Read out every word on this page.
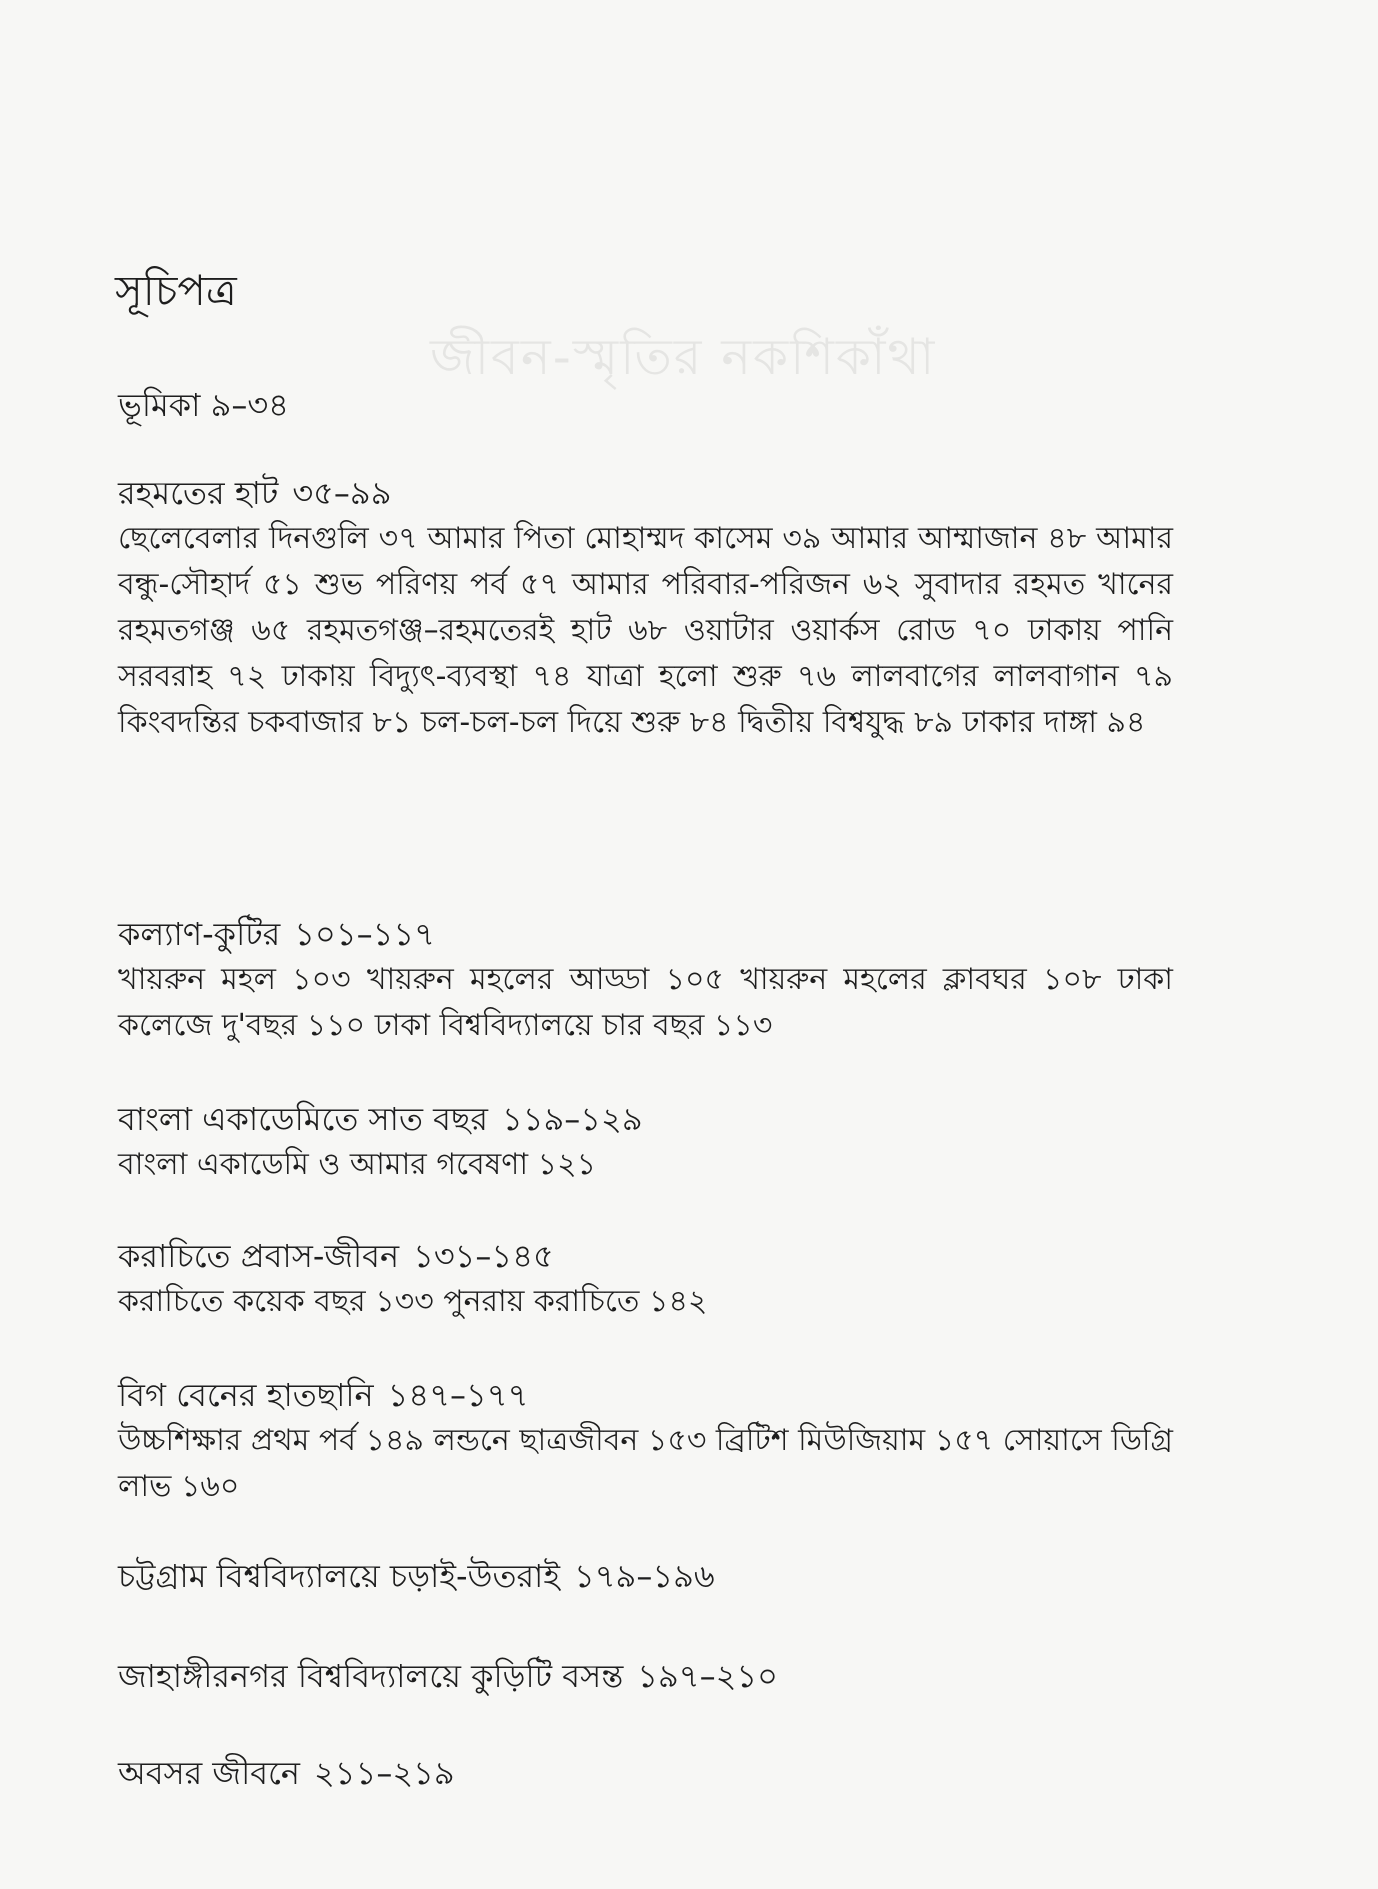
জীবন-স্মৃতির নকশিকাঁথা
সূচিপত্র
ভূমিকা ৯–৩৪
রহমতের হাট ৩৫–৯৯
ছেলেবেলার দিনগুলি ৩৭ আমার পিতা মোহাম্মদ কাসেম ৩৯ আমার আম্মাজান ৪৮ আমার বন্ধু-সৌহার্দ ৫১ শুভ পরিণয় পর্ব ৫৭ আমার পরিবার-পরিজন ৬২ সুবাদার রহমত খানের রহমতগঞ্জ ৬৫ রহমতগঞ্জ–রহমতেরই হাট ৬৮ ওয়াটার ওয়ার্কস রোড ৭০ ঢাকায় পানি সরবরাহ ৭২ ঢাকায় বিদ্যুৎ-ব্যবস্থা ৭৪ যাত্রা হলো শুরু ৭৬ লালবাগের লালবাগান ৭৯ কিংবদন্তির চকবাজার ৮১ চল-চল-চল দিয়ে শুরু ৮৪ দ্বিতীয় বিশ্বযুদ্ধ ৮৯ ঢাকার দাঙ্গা ৯৪
কল্যাণ-কুটির ১০১–১১৭
খায়রুন মহল ১০৩ খায়রুন মহলের আড্ডা ১০৫ খায়রুন মহলের ক্লাবঘর ১০৮ ঢাকা কলেজে দু'বছর ১১০ ঢাকা বিশ্ববিদ্যালয়ে চার বছর ১১৩
বাংলা একাডেমিতে সাত বছর ১১৯–১২৯
বাংলা একাডেমি ও আমার গবেষণা ১২১
করাচিতে প্রবাস-জীবন ১৩১–১৪৫
করাচিতে কয়েক বছর ১৩৩ পুনরায় করাচিতে ১৪২
বিগ বেনের হাতছানি ১৪৭–১৭৭
উচ্চশিক্ষার প্রথম পর্ব ১৪৯ লন্ডনে ছাত্রজীবন ১৫৩ ব্রিটিশ মিউজিয়াম ১৫৭ সোয়াসে ডিগ্রি লাভ ১৬০
চট্টগ্রাম বিশ্ববিদ্যালয়ে চড়াই-উতরাই ১৭৯–১৯৬
জাহাঙ্গীরনগর বিশ্ববিদ্যালয়ে কুড়িটি বসন্ত ১৯৭–২১০
অবসর জীবনে ২১১–২১৯
